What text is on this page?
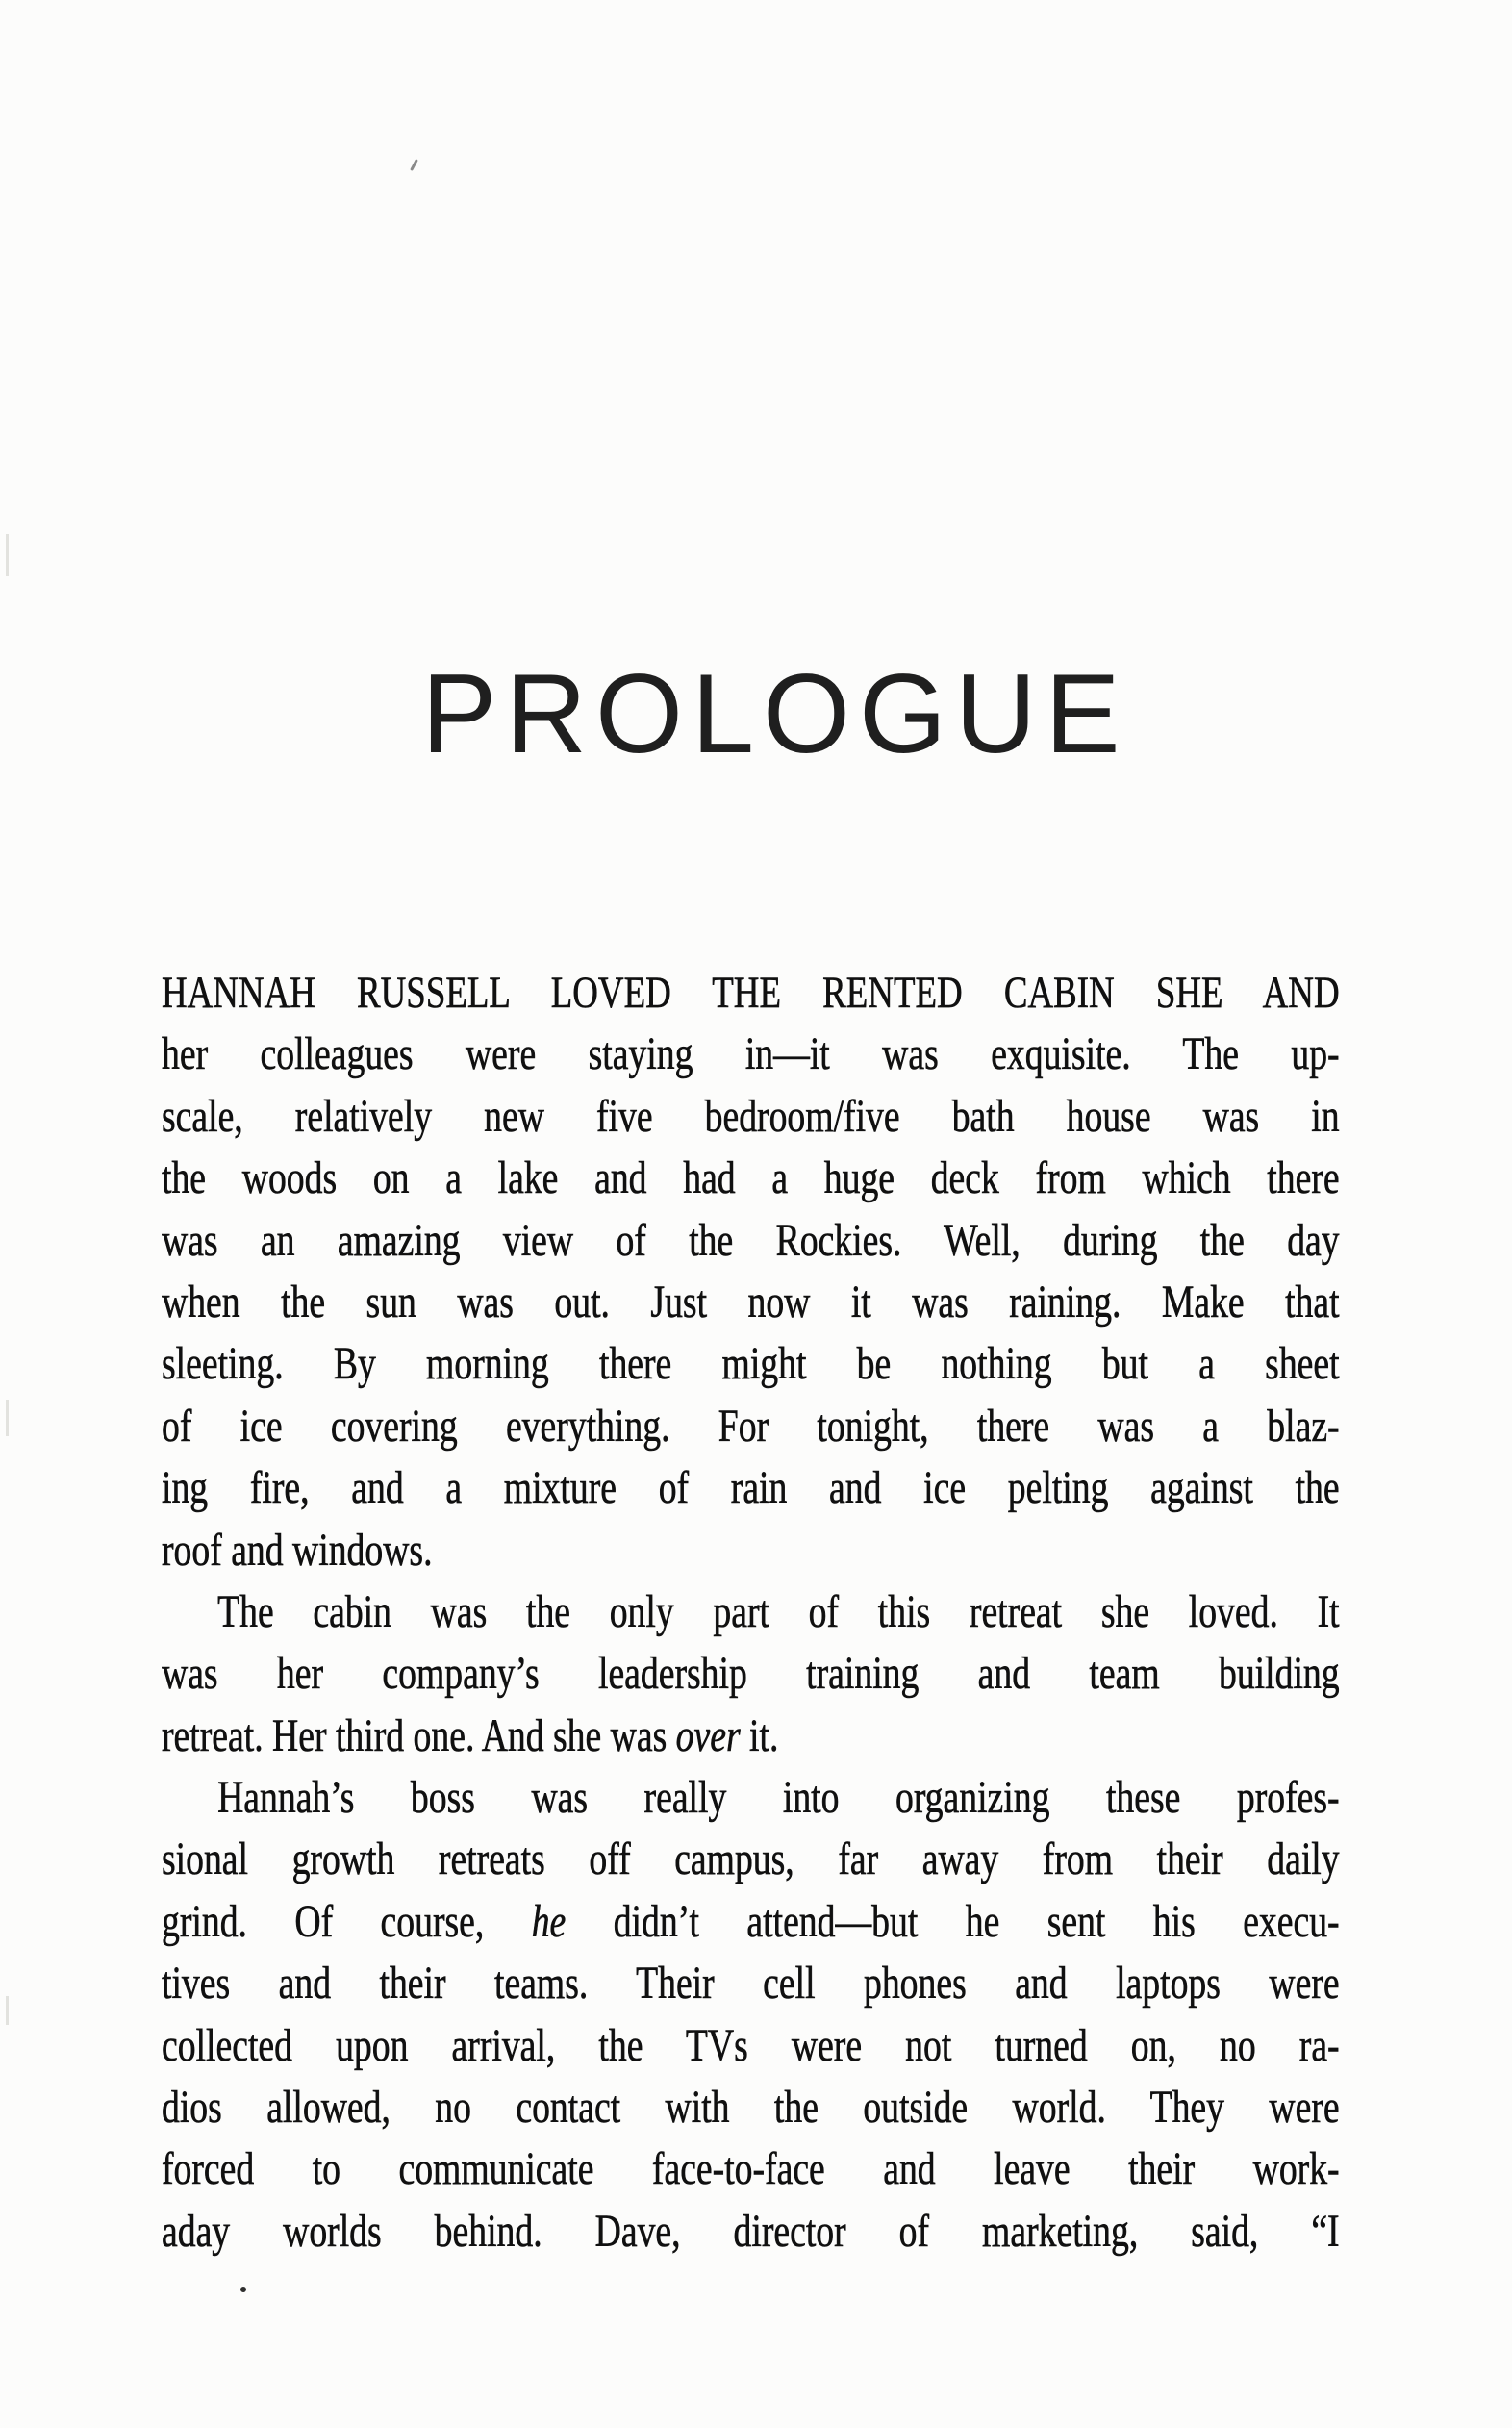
PROLOGUE
HANNAH RUSSELL LOVED THE RENTED CABIN SHE AND
her colleagues were staying in—it was exquisite. The up-
scale, relatively new five bedroom/five bath house was in
the woods on a lake and had a huge deck from which there
was an amazing view of the Rockies. Well, during the day
when the sun was out. Just now it was raining. Make that
sleeting. By morning there might be nothing but a sheet
of ice covering everything. For tonight, there was a blaz-
ing fire, and a mixture of rain and ice pelting against the
roof and windows.
The cabin was the only part of this retreat she loved. It
was her company’s leadership training and team building
retreat. Her third one. And she was over it.
Hannah’s boss was really into organizing these profes-
sional growth retreats off campus, far away from their daily
grind. Of course, he didn’t attend—but he sent his execu-
tives and their teams. Their cell phones and laptops were
collected upon arrival, the TVs were not turned on, no ra-
dios allowed, no contact with the outside world. They were
forced to communicate face-to-face and leave their work-
aday worlds behind. Dave, director of marketing, said, “I
